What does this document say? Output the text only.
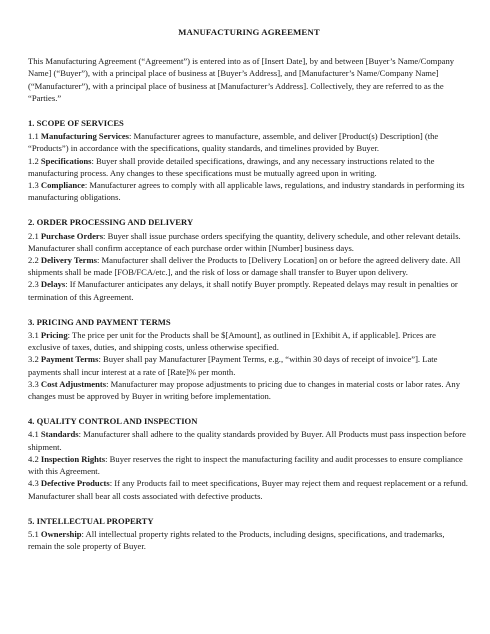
MANUFACTURING AGREEMENT

This Manufacturing Agreement (“Agreement”) is entered into as of [Insert Date], by and between [Buyer’s Name/Company Name] (“Buyer”), with a principal place of business at [Buyer’s Address], and [Manufacturer’s Name/Company Name] (“Manufacturer”), with a principal place of business at [Manufacturer’s Address]. Collectively, they are referred to as the “Parties.”

1. SCOPE OF SERVICES

1.1 Manufacturing Services: Manufacturer agrees to manufacture, assemble, and deliver [Product(s) Description] (the “Products”) in accordance with the specifications, quality standards, and timelines provided by Buyer.

1.2 Specifications: Buyer shall provide detailed specifications, drawings, and any necessary instructions related to the manufacturing process. Any changes to these specifications must be mutually agreed upon in writing.

1.3 Compliance: Manufacturer agrees to comply with all applicable laws, regulations, and industry standards in performing its manufacturing obligations.

2. ORDER PROCESSING AND DELIVERY

2.1 Purchase Orders: Buyer shall issue purchase orders specifying the quantity, delivery schedule, and other relevant details. Manufacturer shall confirm acceptance of each purchase order within [Number] business days.

2.2 Delivery Terms: Manufacturer shall deliver the Products to [Delivery Location] on or before the agreed delivery date. All shipments shall be made [FOB/FCA/etc.], and the risk of loss or damage shall transfer to Buyer upon delivery.

2.3 Delays: If Manufacturer anticipates any delays, it shall notify Buyer promptly. Repeated delays may result in penalties or termination of this Agreement.

3. PRICING AND PAYMENT TERMS

3.1 Pricing: The price per unit for the Products shall be $[Amount], as outlined in [Exhibit A, if applicable]. Prices are exclusive of taxes, duties, and shipping costs, unless otherwise specified.

3.2 Payment Terms: Buyer shall pay Manufacturer [Payment Terms, e.g., “within 30 days of receipt of invoice”]. Late payments shall incur interest at a rate of [Rate]% per month.

3.3 Cost Adjustments: Manufacturer may propose adjustments to pricing due to changes in material costs or labor rates. Any changes must be approved by Buyer in writing before implementation.

4. QUALITY CONTROL AND INSPECTION

4.1 Standards: Manufacturer shall adhere to the quality standards provided by Buyer. All Products must pass inspection before shipment.

4.2 Inspection Rights: Buyer reserves the right to inspect the manufacturing facility and audit processes to ensure compliance with this Agreement.

4.3 Defective Products: If any Products fail to meet specifications, Buyer may reject them and request replacement or a refund. Manufacturer shall bear all costs associated with defective products.

5. INTELLECTUAL PROPERTY

5.1 Ownership: All intellectual property rights related to the Products, including designs, specifications, and trademarks, remain the sole property of Buyer.
